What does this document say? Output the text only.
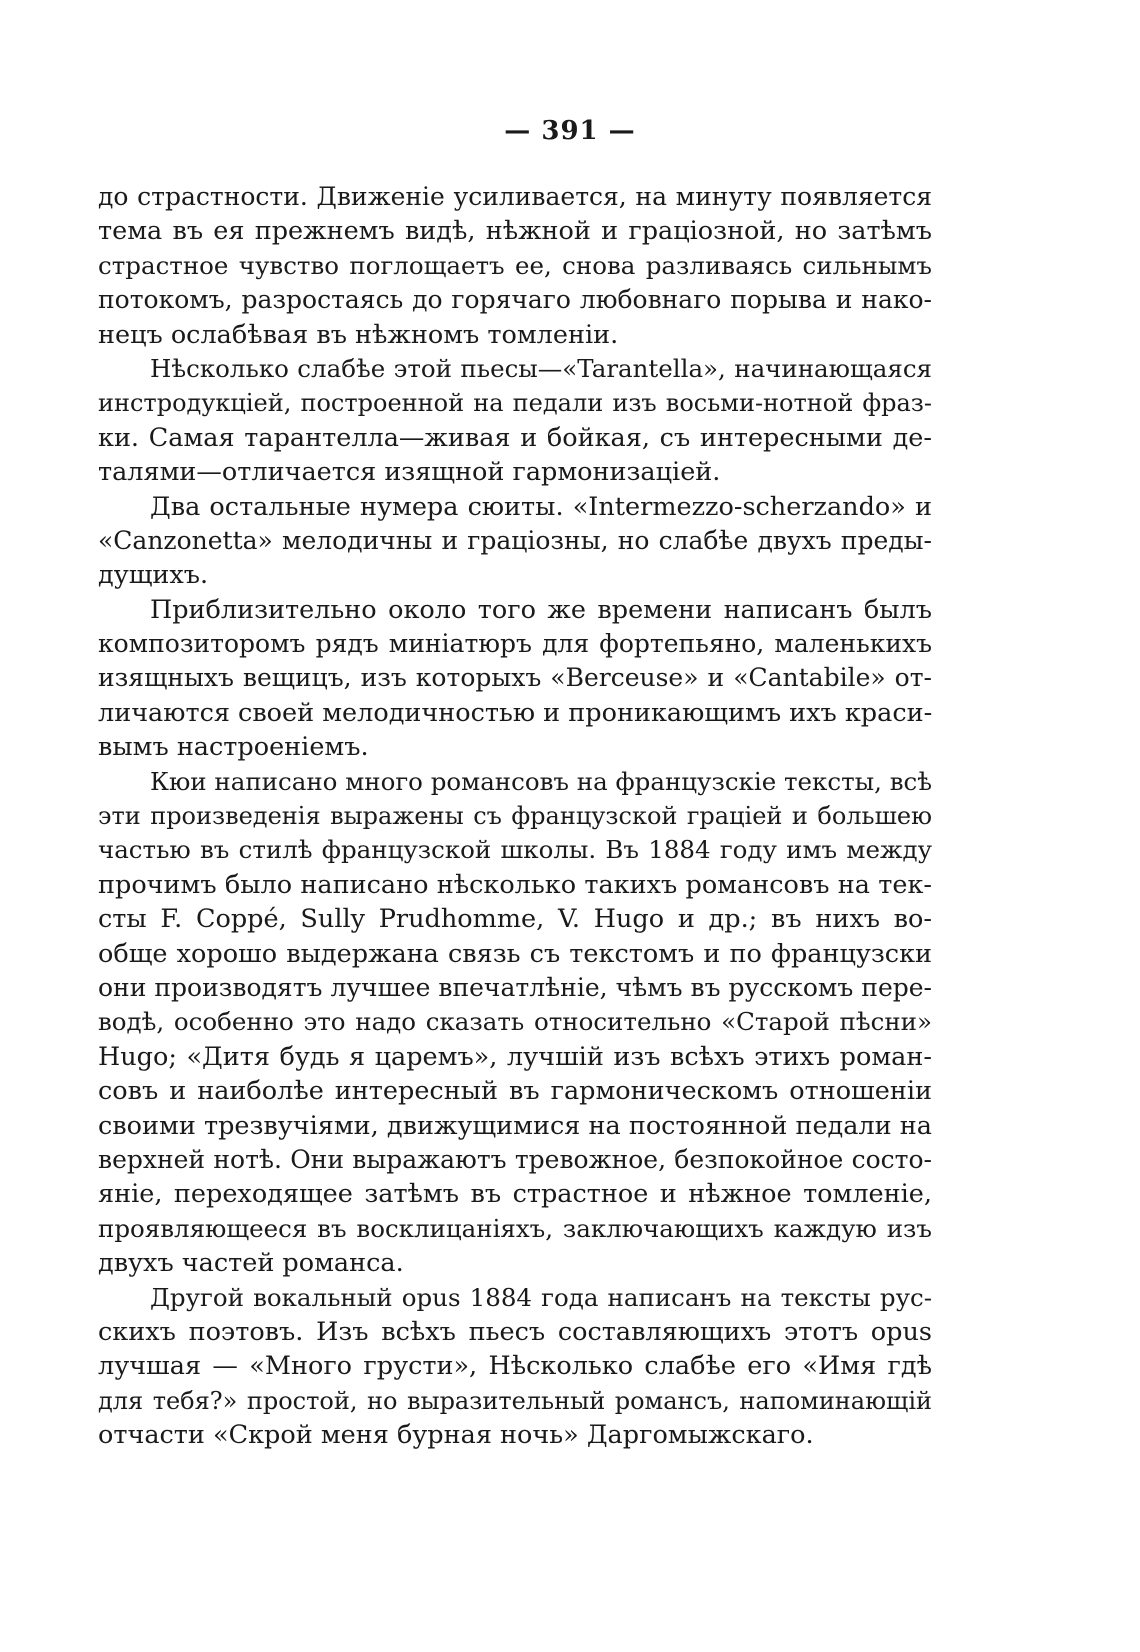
— 391 —
до страстности. Движеніе усиливается, на минуту появляется
тема въ ея прежнемъ видѣ, нѣжной и граціозной, но затѣмъ
страстное чувство поглощаетъ ее, снова разливаясь сильнымъ
потокомъ, разростаясь до горячаго любовнаго порыва и нако-
нецъ ослабѣвая въ нѣжномъ томленіи.
Нѣсколько слабѣе этой пьесы—«Tarantella», начинающаяся
инстродукціей, построенной на педали изъ восьми-нотной фраз-
ки. Самая тарантелла—живая и бойкая, съ интересными де-
талями—отличается изящной гармонизаціей.
Два остальные нумера сюиты. «Intermezzo-scherzando» и
«Canzonetta» мелодичны и граціозны, но слабѣе двухъ преды-
дущихъ.
Приблизительно около того же времени написанъ былъ
композиторомъ рядъ миніатюръ для фортепьяно, маленькихъ
изящныхъ вещицъ, изъ которыхъ «Berceuse» и «Cantabile» от-
личаются своей мелодичностью и проникающимъ ихъ краси-
вымъ настроеніемъ.
Кюи написано много романсовъ на французскіе тексты, всѣ
эти произведенія выражены съ французской граціей и большею
частью въ стилѣ французской школы. Въ 1884 году имъ между
прочимъ было написано нѣсколько такихъ романсовъ на тек-
сты F. Coppé, Sully Prudhomme, V. Hugo и др.; въ нихъ во-
обще хорошо выдержана связь съ текстомъ и по французски
они производятъ лучшее впечатлѣніе, чѣмъ въ русскомъ пере-
водѣ, особенно это надо сказать относительно «Старой пѣсни»
Hugo; «Дитя будь я царемъ», лучшій изъ всѣхъ этихъ роман-
совъ и наиболѣе интересный въ гармоническомъ отношеніи
своими трезвучіями, движущимися на постоянной педали на
верхней нотѣ. Они выражаютъ тревожное, безпокойное состо-
яніе, переходящее затѣмъ въ страстное и нѣжное томленіе,
проявляющееся въ восклицаніяхъ, заключающихъ каждую изъ
двухъ частей романса.
Другой вокальный opus 1884 года написанъ на тексты рус-
скихъ поэтовъ. Изъ всѣхъ пьесъ составляющихъ этотъ opus
лучшая — «Много грусти», Нѣсколько слабѣе его «Имя гдѣ
для тебя?» простой, но выразительный романсъ, напоминающій
отчасти «Скрой меня бурная ночь» Даргомыжскаго.
